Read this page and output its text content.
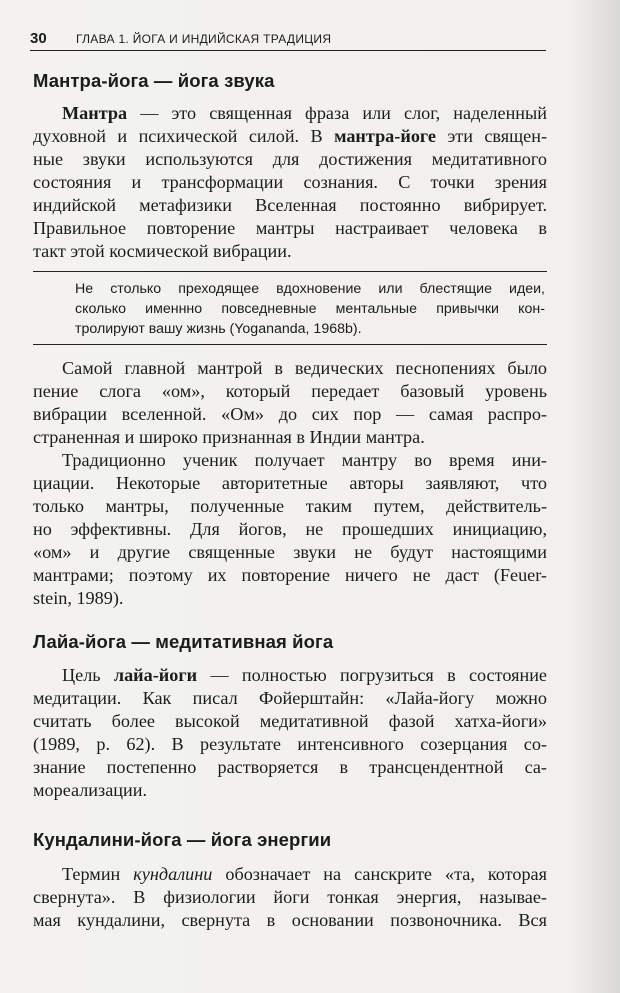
30 ГЛАВА 1. ЙОГА И ИНДИЙСКАЯ ТРАДИЦИЯ
Мантра-йога — йога звука
Мантра — это священная фраза или слог, наделенный
духовной и психической силой. В мантра-йоге эти священ-
ные звуки используются для достижения медитативного
состояния и трансформации сознания. С точки зрения
индийской метафизики Вселенная постоянно вибрирует.
Правильное повторение мантры настраивает человека в
такт этой космической вибрации.
Не столько преходящее вдохновение или блестящие идеи,
сколько именнно повседневные ментальные привычки кон-
тролируют вашу жизнь (Yogananda, 1968b).
Самой главной мантрой в ведических песнопениях было
пение слога «ом», который передает базовый уровень
вибрации вселенной. «Ом» до сих пор — самая распро-
страненная и широко признанная в Индии мантра.
Традиционно ученик получает мантру во время ини-
циации. Некоторые авторитетные авторы заявляют, что
только мантры, полученные таким путем, действитель-
но эффективны. Для йогов, не прошедших инициацию,
«ом» и другие священные звуки не будут настоящими
мантрами; поэтому их повторение ничего не даст (Feuer-
stein, 1989).
Лайа-йога — медитативная йога
Цель лайа-йоги — полностью погрузиться в состояние
медитации. Как писал Фойерштайн: «Лайа-йогу можно
считать более высокой медитативной фазой хатха-йоги»
(1989, р. 62). В результате интенсивного созерцания со-
знание постепенно растворяется в трансцендентной са-
мореализации.
Кундалини-йога — йога энергии
Термин кундалини обозначает на санскрите «та, которая
свернута». В физиологии йоги тонкая энергия, называе-
мая кундалини, свернута в основании позвоночника. Вся
